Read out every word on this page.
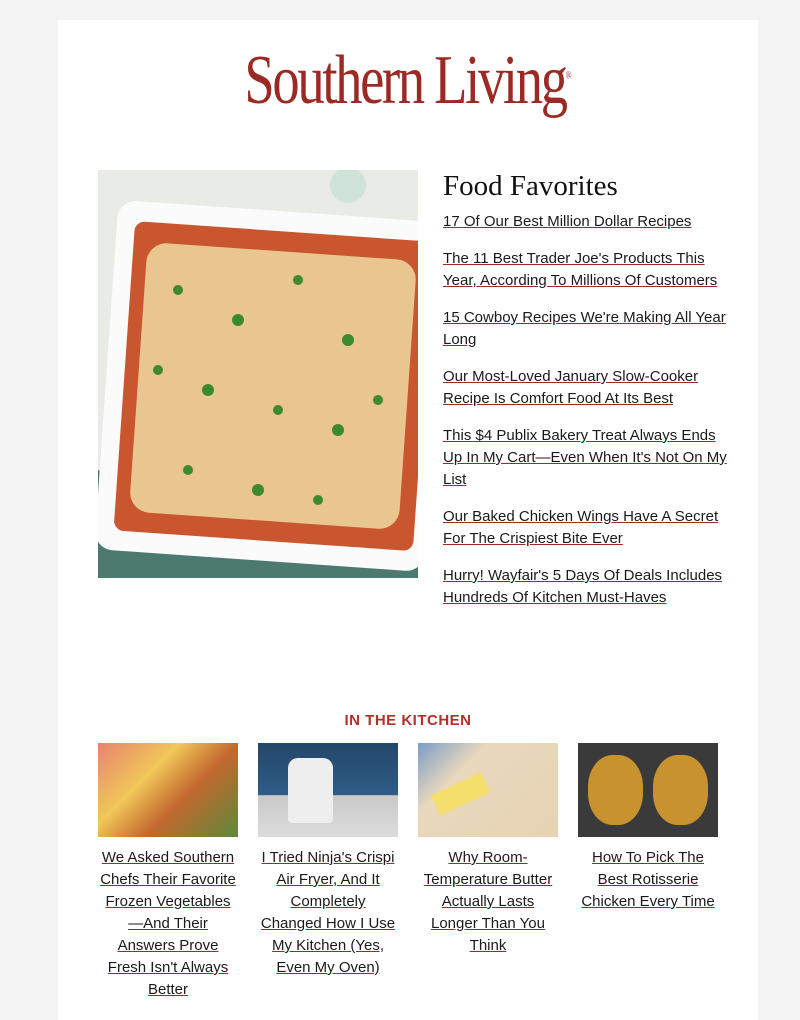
Southern Living®
Food Favorites
17 Of Our Best Million Dollar Recipes
The 11 Best Trader Joe's Products This Year, According To Millions Of Customers
15 Cowboy Recipes We're Making All Year Long
Our Most-Loved January Slow-Cooker Recipe Is Comfort Food At Its Best
This $4 Publix Bakery Treat Always Ends Up In My Cart—Even When It's Not On My List
Our Baked Chicken Wings Have A Secret For The Crispiest Bite Ever
Hurry! Wayfair's 5 Days Of Deals Includes Hundreds Of Kitchen Must-Haves
IN THE KITCHEN
We Asked Southern Chefs Their Favorite Frozen Vegetables—And Their Answers Prove Fresh Isn't Always Better
I Tried Ninja's Crispi Air Fryer, And It Completely Changed How I Use My Kitchen (Yes, Even My Oven)
Why Room-Temperature Butter Actually Lasts Longer Than You Think
How To Pick The Best Rotisserie Chicken Every Time
